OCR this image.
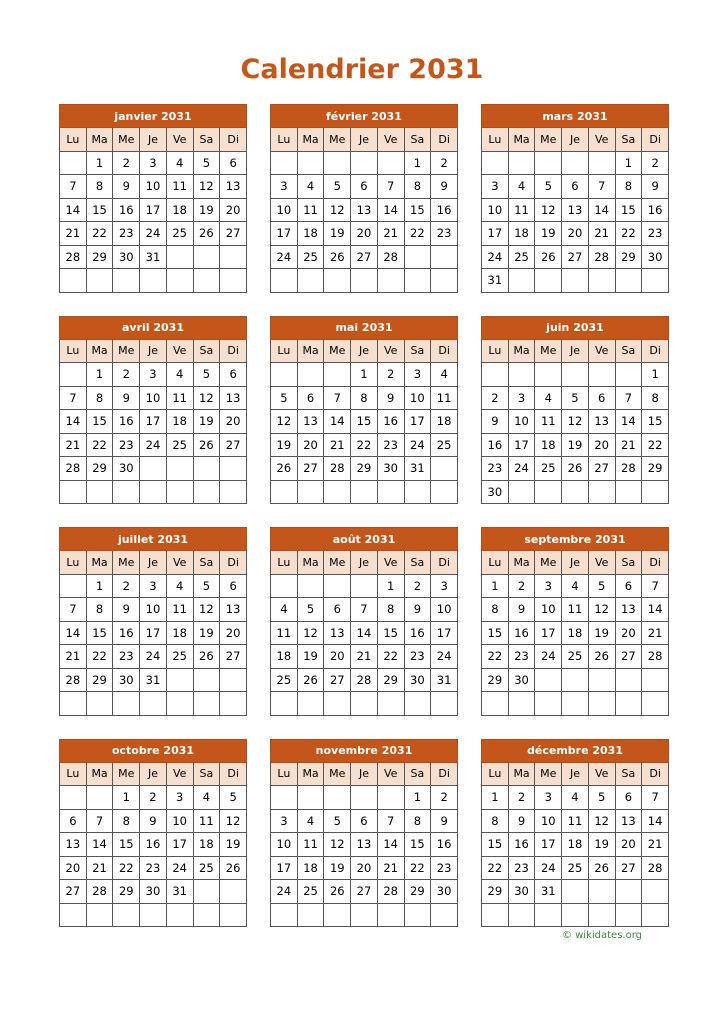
Calendrier 2031
janvier 2031						
Lu	Ma	Me	Je	Ve	Sa	Di
	1	2	3	4	5	6
7	8	9	10	11	12	13
14	15	16	17	18	19	20
21	22	23	24	25	26	27
28	29	30	31			

février 2031						
Lu	Ma	Me	Je	Ve	Sa	Di
					1	2
3	4	5	6	7	8	9
10	11	12	13	14	15	16
17	18	19	20	21	22	23
24	25	26	27	28		

mars 2031						
Lu	Ma	Me	Je	Ve	Sa	Di
					1	2
3	4	5	6	7	8	9
10	11	12	13	14	15	16
17	18	19	20	21	22	23
24	25	26	27	28	29	30
31						
avril 2031						
Lu	Ma	Me	Je	Ve	Sa	Di
	1	2	3	4	5	6
7	8	9	10	11	12	13
14	15	16	17	18	19	20
21	22	23	24	25	26	27
28	29	30				

mai 2031						
Lu	Ma	Me	Je	Ve	Sa	Di
			1	2	3	4
5	6	7	8	9	10	11
12	13	14	15	16	17	18
19	20	21	22	23	24	25
26	27	28	29	30	31	

juin 2031						
Lu	Ma	Me	Je	Ve	Sa	Di
						1
2	3	4	5	6	7	8
9	10	11	12	13	14	15
16	17	18	19	20	21	22
23	24	25	26	27	28	29
30						
juillet 2031						
Lu	Ma	Me	Je	Ve	Sa	Di
	1	2	3	4	5	6
7	8	9	10	11	12	13
14	15	16	17	18	19	20
21	22	23	24	25	26	27
28	29	30	31			

août 2031						
Lu	Ma	Me	Je	Ve	Sa	Di
				1	2	3
4	5	6	7	8	9	10
11	12	13	14	15	16	17
18	19	20	21	22	23	24
25	26	27	28	29	30	31

septembre 2031						
Lu	Ma	Me	Je	Ve	Sa	Di
1	2	3	4	5	6	7
8	9	10	11	12	13	14
15	16	17	18	19	20	21
22	23	24	25	26	27	28
29	30					

octobre 2031						
Lu	Ma	Me	Je	Ve	Sa	Di
		1	2	3	4	5
6	7	8	9	10	11	12
13	14	15	16	17	18	19
20	21	22	23	24	25	26
27	28	29	30	31		

novembre 2031						
Lu	Ma	Me	Je	Ve	Sa	Di
					1	2
3	4	5	6	7	8	9
10	11	12	13	14	15	16
17	18	19	20	21	22	23
24	25	26	27	28	29	30

décembre 2031						
Lu	Ma	Me	Je	Ve	Sa	Di
1	2	3	4	5	6	7
8	9	10	11	12	13	14
15	16	17	18	19	20	21
22	23	24	25	26	27	28
29	30	31				

© wikidates.org
